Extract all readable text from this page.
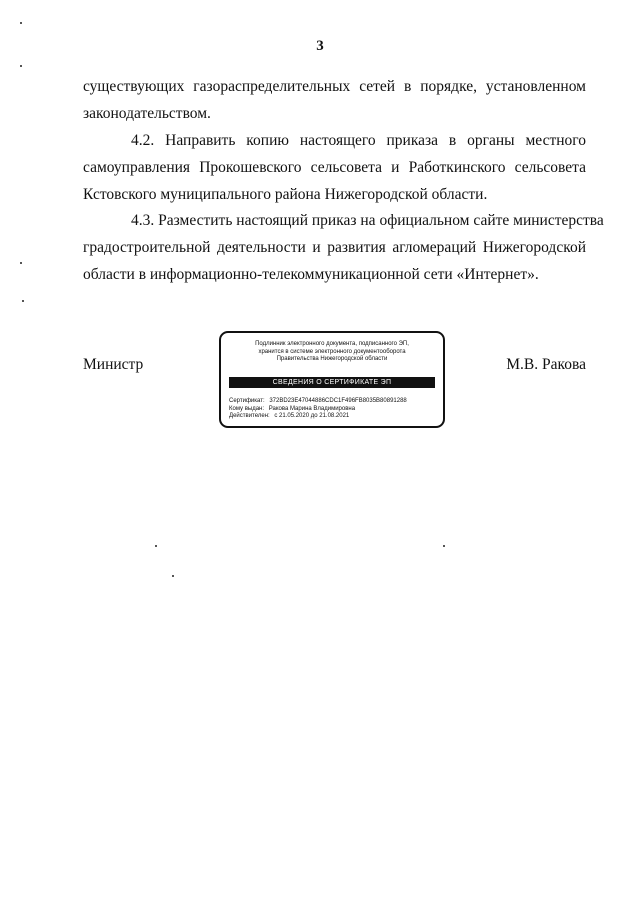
3
существующих газораспределительных сетей в порядке, установленном
законодательством.
4.2. Направить копию настоящего приказа в органы местного
самоуправления Прокошевского сельсовета и Работкинского сельсовета
Кстовского муниципального района Нижегородской области.
4.3. Разместить настоящий приказ на официальном сайте министерства
градостроительной деятельности и развития агломераций Нижегородской
области в информационно-телекоммуникационной сети «Интернет».
Министр	М.В. Ракова
Подлинник электронного документа, подписанного ЭП,
хранится в системе электронного документооборота
Правительства Нижегородской области
СВЕДЕНИЯ О СЕРТИФИКАТЕ ЭП
Сертификат: 372BD23E47044886CDC1F496FB8035B80891288
Кому выдан: Ракова Марина Владимировна
Действителен: с 21.05.2020 до 21.08.2021
